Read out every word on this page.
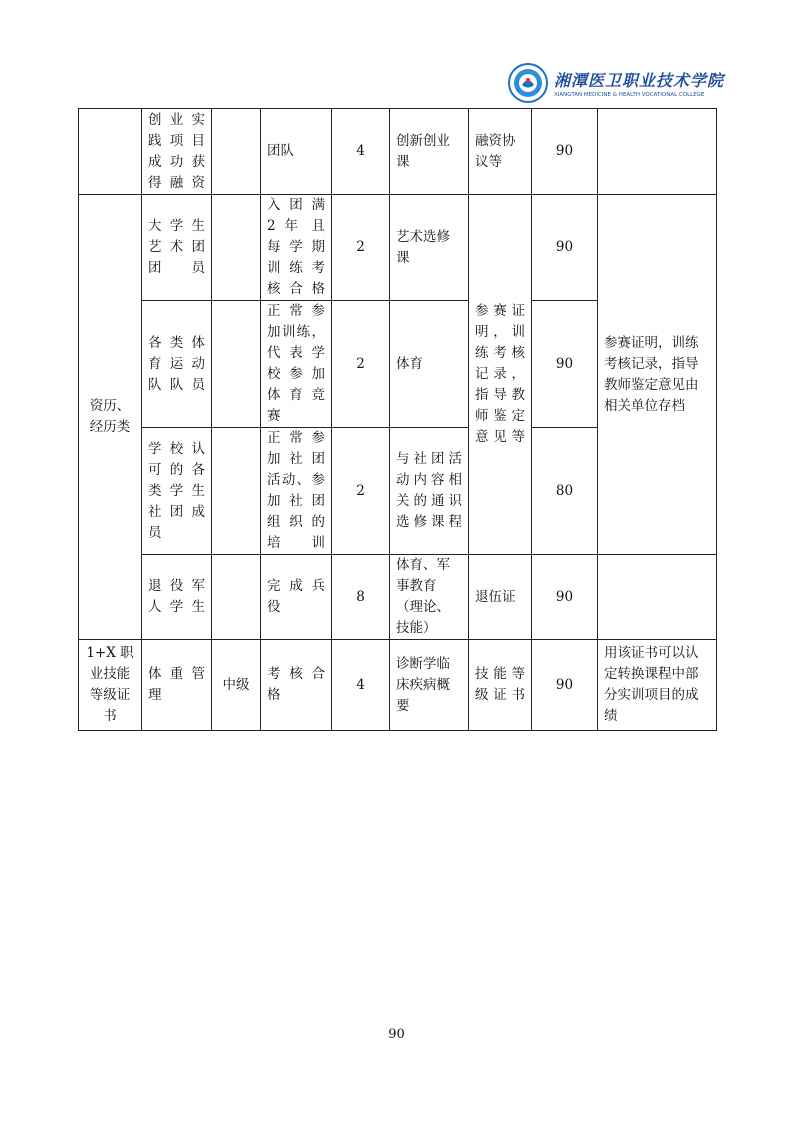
湘潭医卫职业技术学院
XIANGTAN MEDICINE & HEALTH VOCATIONAL COLLEGE
	创 业 实 践 项 目 成 功 获 得融资		团队	4	创新创业课	融资协议等	90	
资历、经历类	大 学 生 艺 术 团 团员		入 团 满 2 年 且 每 学 期 训 练 考 核合格	2	艺术选修课	参赛证明，训练考核记录，指导教师鉴定意见等	90	参赛证明，训练考核记录，指导教师鉴定意见由相关单位存档
	各 类 体 育 运 动 队队员		正 常 参 加训练，代 表 学 校 参 加 体 育 竞 赛	2	体育		90	
	学 校 认 可 的 各 类 学 生 社 团 成 员		正 常 参 加 社 团 活动、参 加 社 团 组 织 的 培训	2	与社团活动内容相关的通识选修课程		80	
	退 役 军 人学生		完 成 兵 役	8	体育、军事教育（理论、技能）	退伍证	90	
1+X 职业技能等级证书	体 重 管 理	中级	考 核 合 格	4	诊断学临床疾病概要	技能等级证书	90	用该证书可以认定转换课程中部分实训项目的成绩
90
